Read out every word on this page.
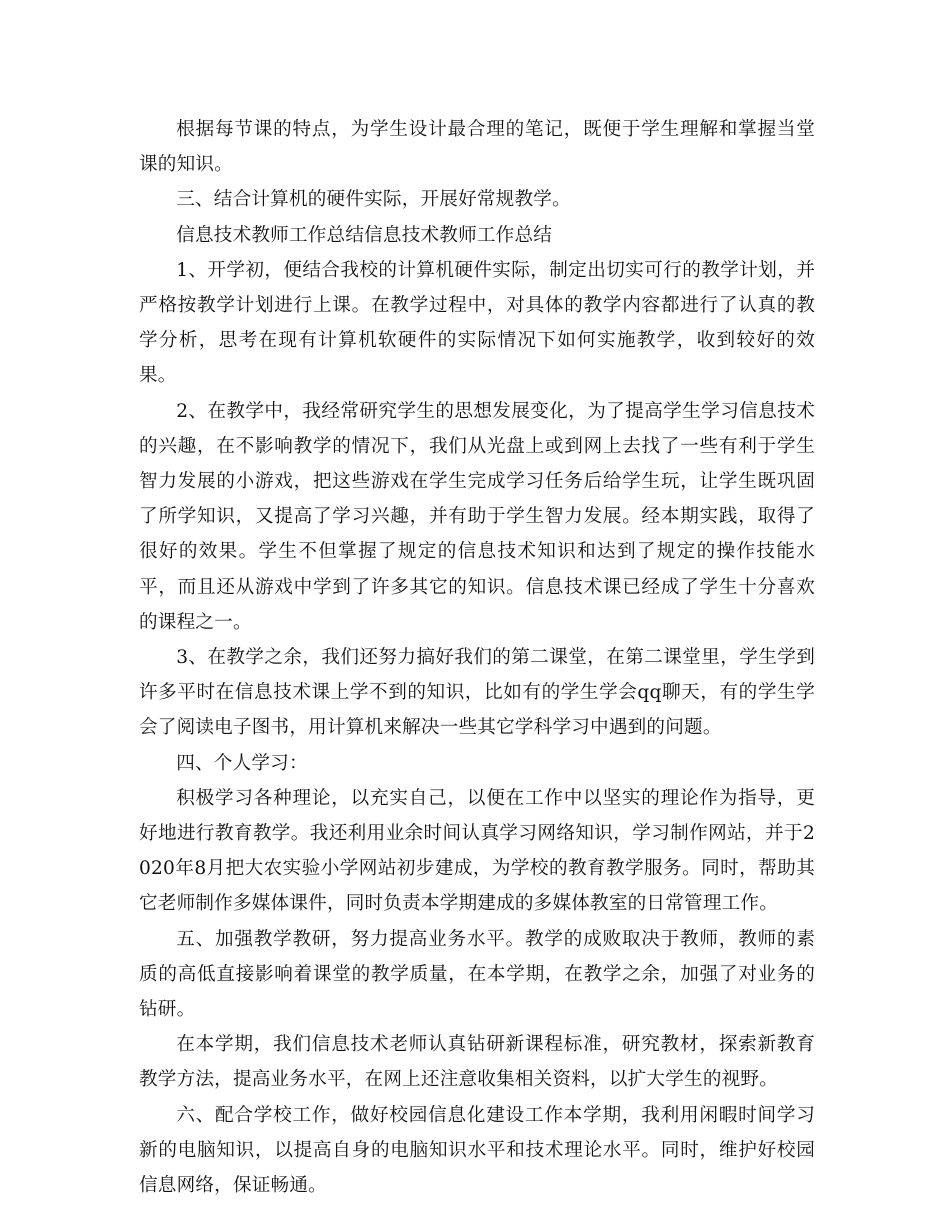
根据每节课的特点，为学生设计最合理的笔记，既便于学生理解和掌握当堂课的知识。

三、结合计算机的硬件实际，开展好常规教学。

信息技术教师工作总结信息技术教师工作总结

1、开学初，便结合我校的计算机硬件实际，制定出切实可行的教学计划，并严格按教学计划进行上课。在教学过程中，对具体的教学内容都进行了认真的教学分析，思考在现有计算机软硬件的实际情况下如何实施教学，收到较好的效果。

2、在教学中，我经常研究学生的思想发展变化，为了提高学生学习信息技术的兴趣，在不影响教学的情况下，我们从光盘上或到网上去找了一些有利于学生智力发展的小游戏，把这些游戏在学生完成学习任务后给学生玩，让学生既巩固了所学知识，又提高了学习兴趣，并有助于学生智力发展。经本期实践，取得了很好的效果。学生不但掌握了规定的信息技术知识和达到了规定的操作技能水平，而且还从游戏中学到了许多其它的知识。信息技术课已经成了学生十分喜欢的课程之一。

3、在教学之余，我们还努力搞好我们的第二课堂，在第二课堂里，学生学到许多平时在信息技术课上学不到的知识，比如有的学生学会qq聊天，有的学生学会了阅读电子图书，用计算机来解决一些其它学科学习中遇到的问题。

四、个人学习：

积极学习各种理论，以充实自己，以便在工作中以坚实的理论作为指导，更好地进行教育教学。我还利用业余时间认真学习网络知识，学习制作网站，并于2020年8月把大农实验小学网站初步建成，为学校的教育教学服务。同时，帮助其它老师制作多媒体课件，同时负责本学期建成的多媒体教室的日常管理工作。

五、加强教学教研，努力提高业务水平。教学的成败取决于教师，教师的素质的高低直接影响着课堂的教学质量，在本学期，在教学之余，加强了对业务的钻研。

在本学期，我们信息技术老师认真钻研新课程标准，研究教材，探索新教育教学方法，提高业务水平，在网上还注意收集相关资料，以扩大学生的视野。

六、配合学校工作，做好校园信息化建设工作本学期，我利用闲暇时间学习新的电脑知识，以提高自身的电脑知识水平和技术理论水平。同时，维护好校园信息网络，保证畅通。
